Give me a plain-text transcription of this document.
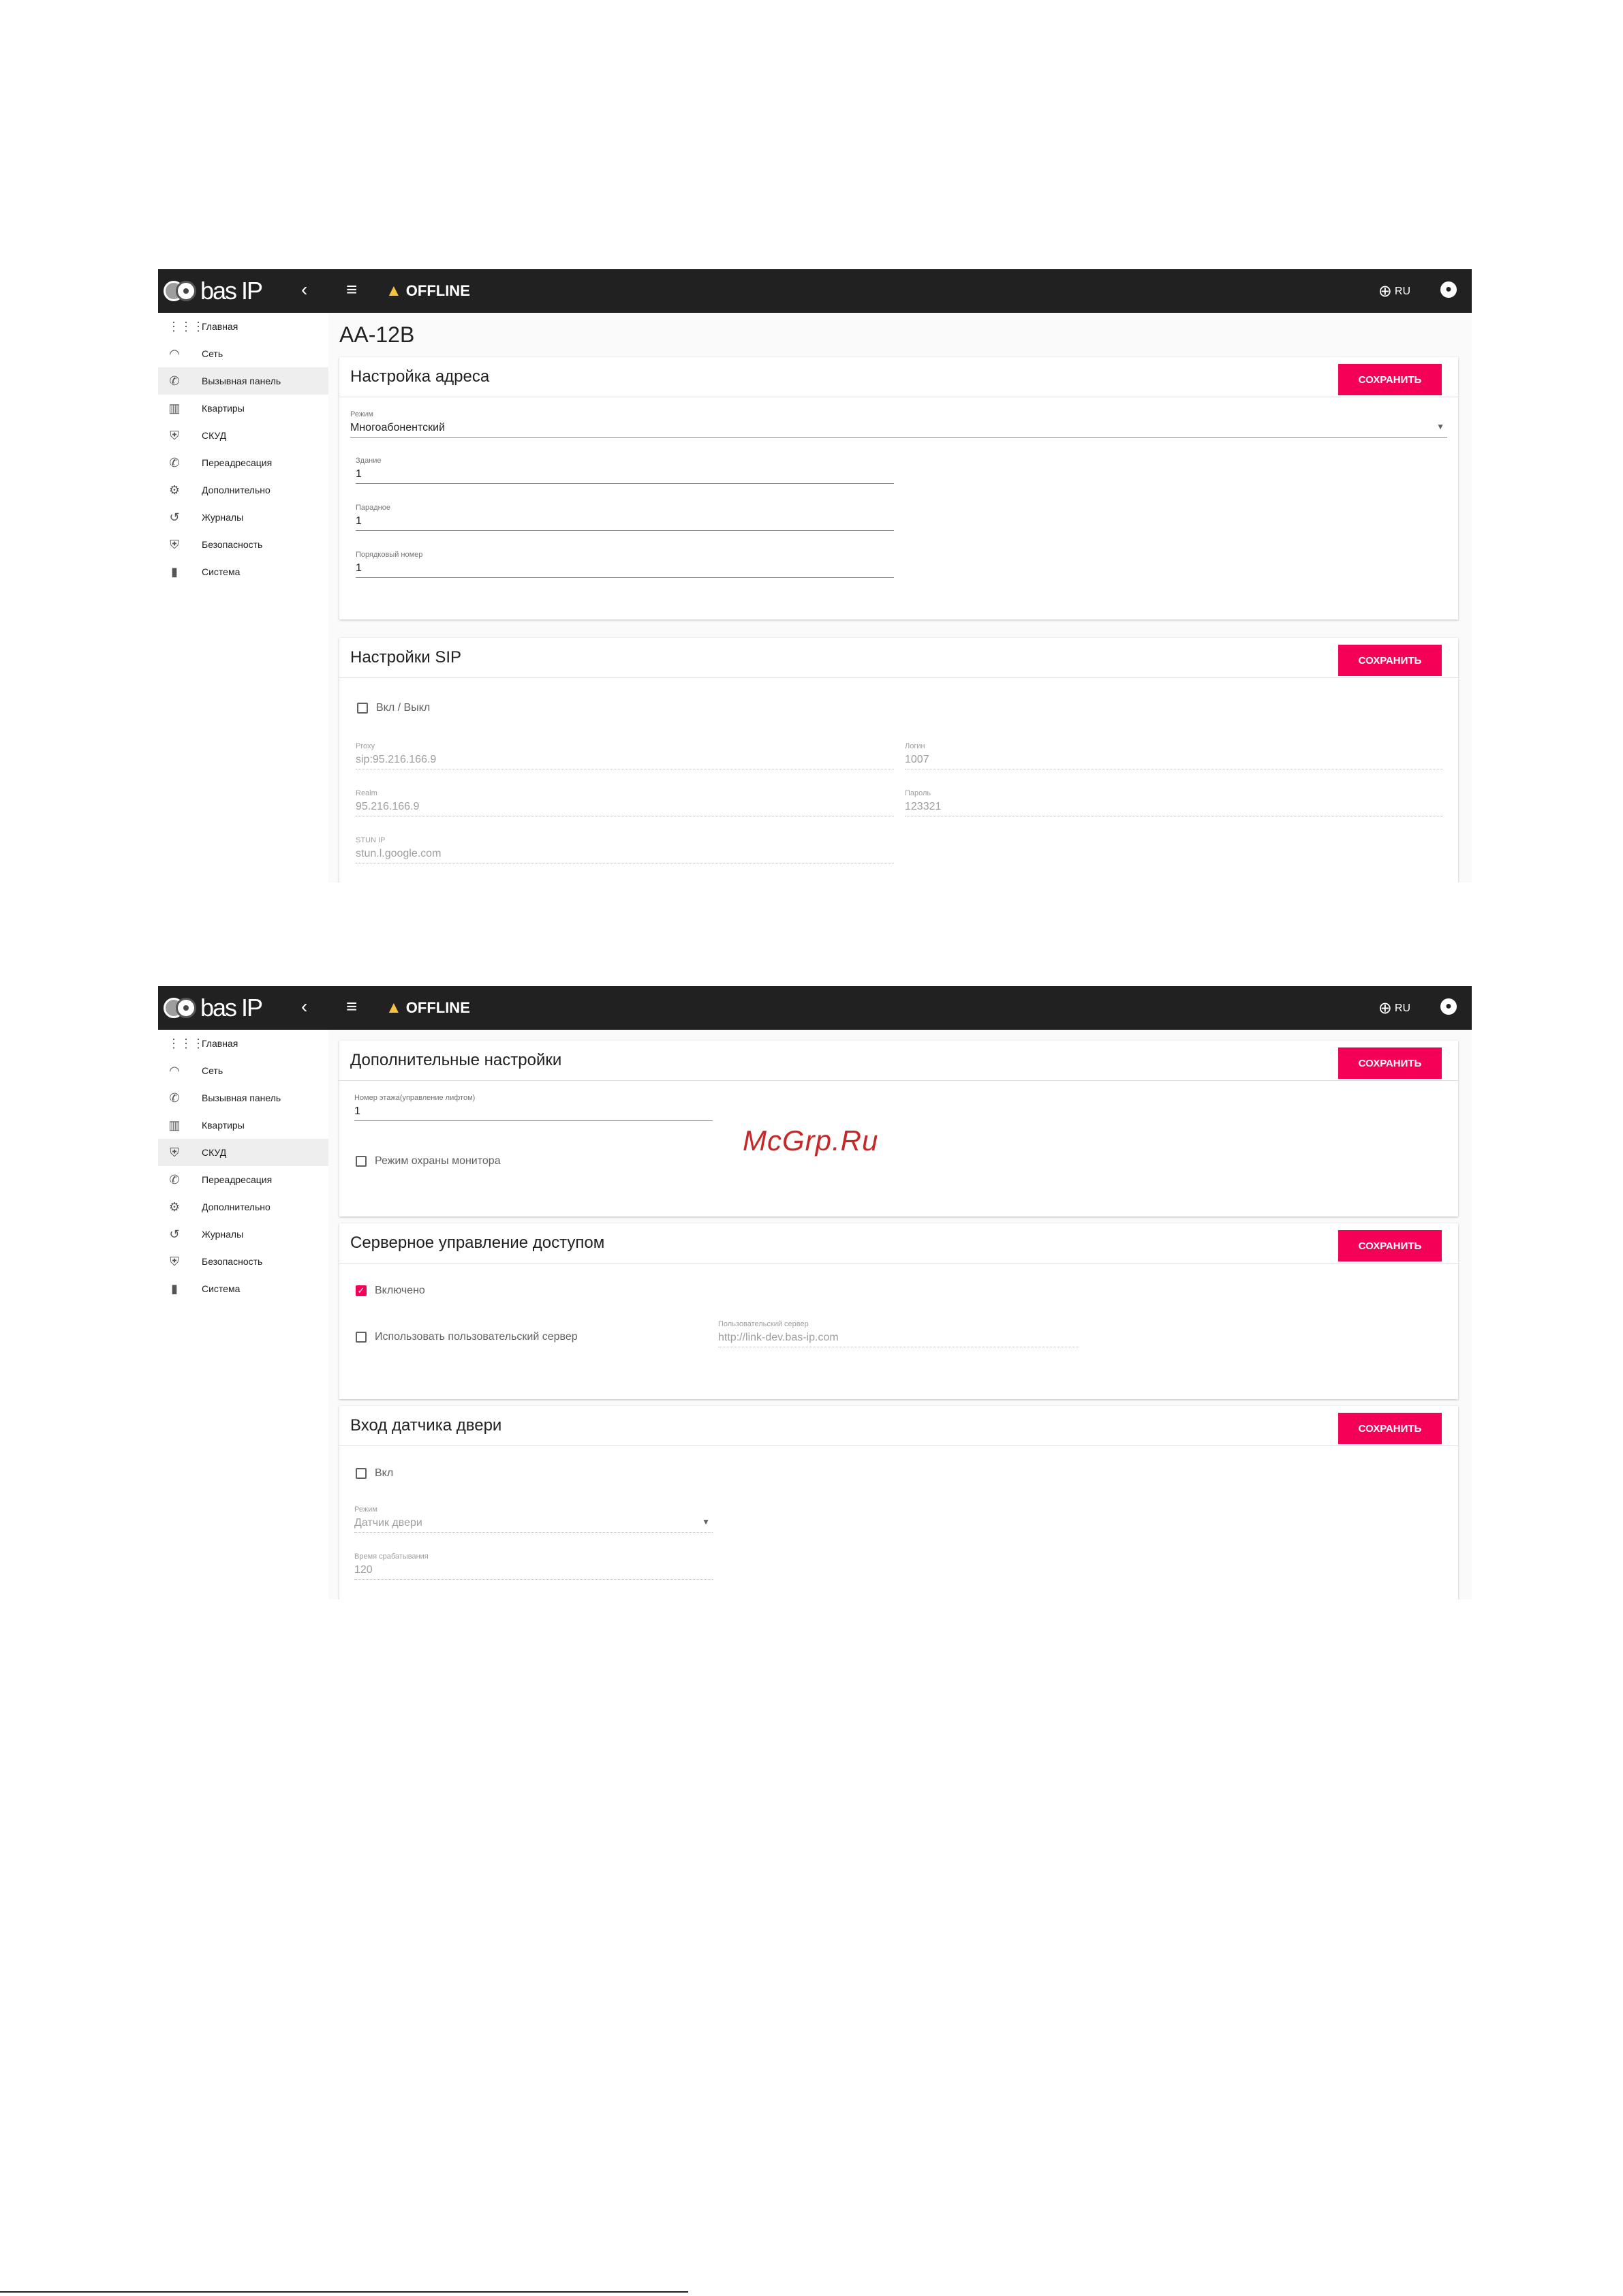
bas IP ‹ ≡ ▲ OFFLINE	⊕ RU	●
⋮⋮⋮
Главная
◠ Сеть
✆ Вызывная панель
▥ Квартиры
⛨ СКУД
✆ Переадресация
⚙ Дополнительно
↺ Журналы
⛨ Безопасность
▮	Система
AA-12B
Настройка адреса	СОХРАНИТЬ
Режим
Многоабонентский	▼
Здание
1
Парадное
1
Порядковый номер
1
Настройки SIP	СОХРАНИТЬ
Вкл / Выкл
Proxy
sip:95.216.166.9
Логин
1007
Realm
95.216.166.9
Пароль
123321
STUN IP
stun.l.google.com
bas IP ‹ ≡ ▲ OFFLINE	⊕ RU	●
⋮⋮⋮
Главная
◠ Сеть
✆ Вызывная панель
▥ Квартиры
⛨ СКУД
✆ Переадресация
⚙ Дополнительно
↺ Журналы
⛨ Безопасность
▮	Система
Дополнительные настройки	СОХРАНИТЬ
Номер этажа(управление лифтом)
1
Режим охраны монитора
Серверное управление доступом	СОХРАНИТЬ
✓ Включено
Использовать пользовательский сервер
Пользовательский сервер
http://link-dev.bas-ip.com
Вход датчика двери	СОХРАНИТЬ
Вкл
Режим
Датчик двери	▼
Время срабатывания
120
McGrp.Ru
